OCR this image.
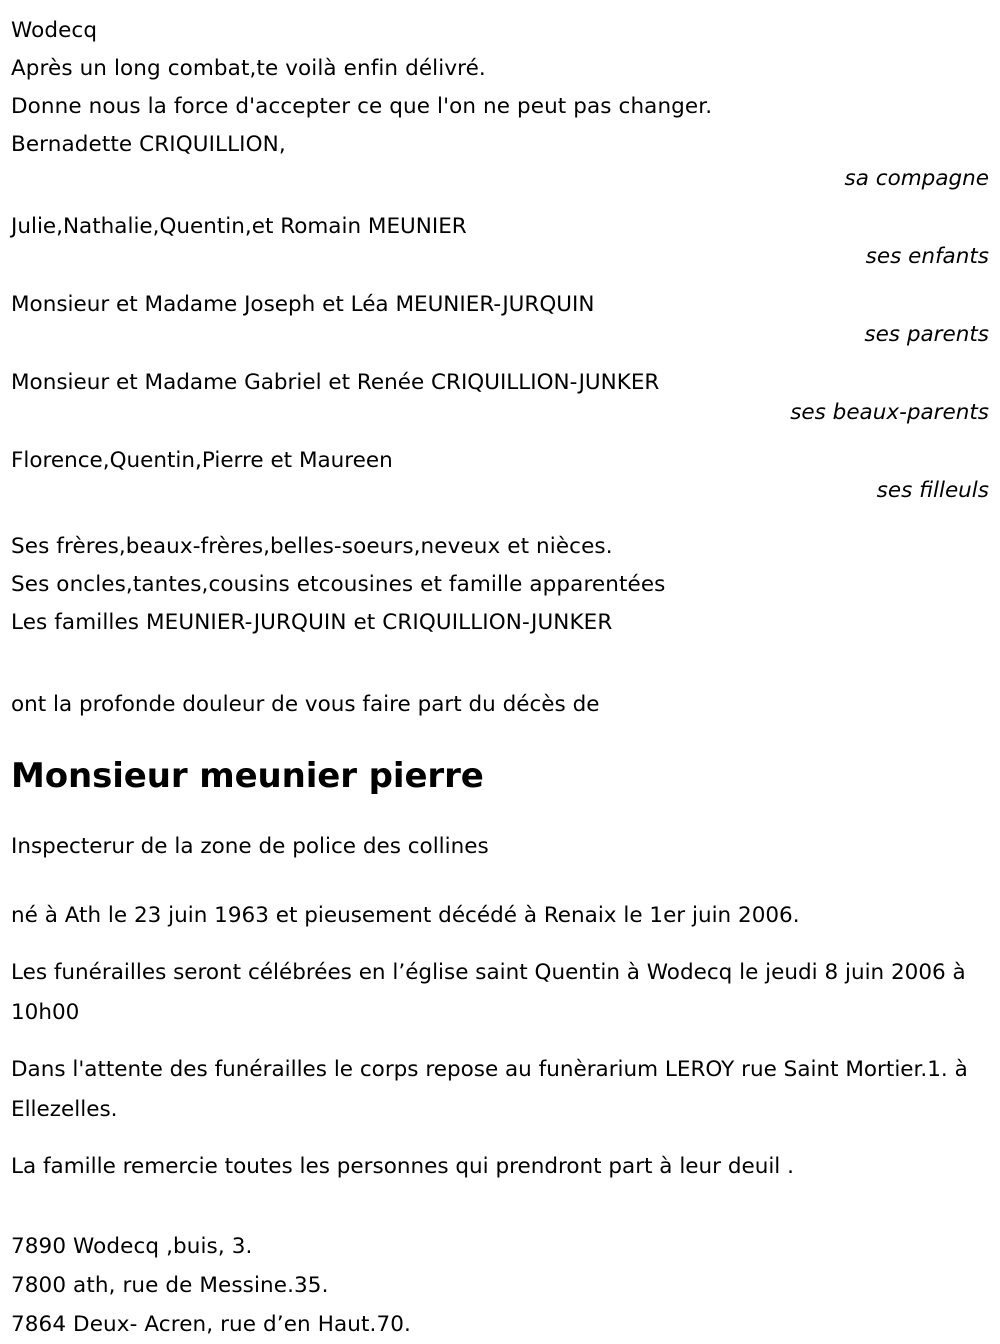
Wodecq
Après un long combat,te voilà enfin délivré.
Donne nous la force d'accepter ce que l'on ne peut pas changer.
Bernadette CRIQUILLION,
sa compagne
Julie,Nathalie,Quentin,et Romain MEUNIER
ses enfants
Monsieur et Madame Joseph et Léa MEUNIER-JURQUIN
ses parents
Monsieur et Madame Gabriel et Renée CRIQUILLION-JUNKER
ses beaux-parents
Florence,Quentin,Pierre et Maureen
ses filleuls
Ses frères,beaux-frères,belles-soeurs,neveux et nièces.
Ses oncles,tantes,cousins etcousines et famille apparentées
Les familles MEUNIER-JURQUIN et CRIQUILLION-JUNKER
ont la profonde douleur de vous faire part du décès de
Monsieur meunier pierre
Inspecterur de la zone de police des collines
né à Ath le 23 juin 1963 et pieusement décédé à Renaix le 1er juin 2006.
Les funérailles seront célébrées en l’église saint Quentin à Wodecq le jeudi 8 juin 2006 à 10h00
Dans l'attente des funérailles le corps repose au funèrarium LEROY rue Saint Mortier.1. à Ellezelles.
La famille remercie toutes les personnes qui prendront part à leur deuil .
7890 Wodecq ,buis, 3.
7800 ath, rue de Messine.35.
7864 Deux- Acren, rue d’en Haut.70.
